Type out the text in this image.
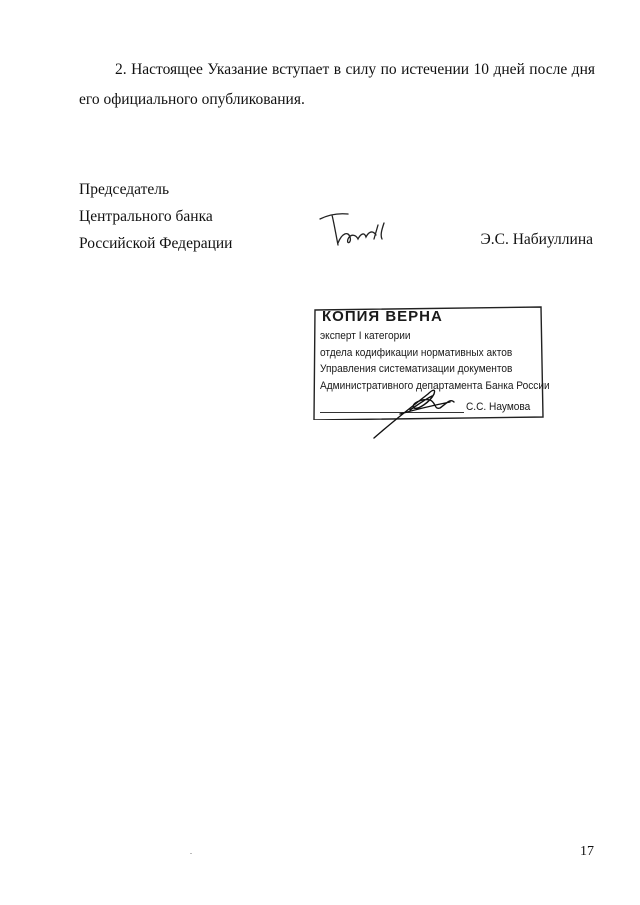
2. Настоящее Указание вступает в силу по истечении 10 дней после дня
его официального опубликования.

Председатель
Центрального банка
Российской Федерации	Э.С. Набиуллина
КОПИЯ ВЕРНА
эксперт I категории
отдела кодификации нормативных актов
Управления систематизации документов
Административного департамента Банка России
С.С. Наумова
17
